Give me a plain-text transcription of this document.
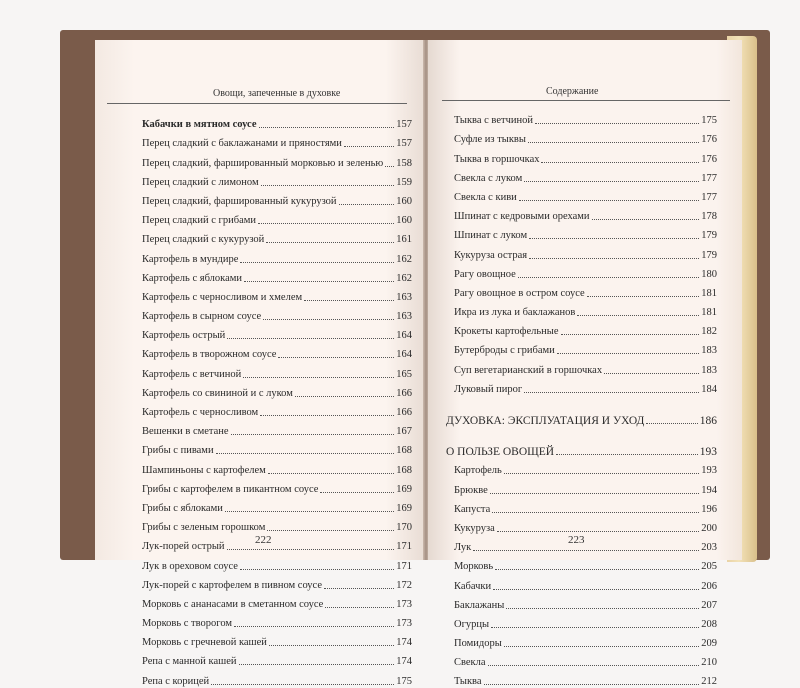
Овощи, запеченные в духовке
Кабачки в мятном соусе	157
Перец сладкий с баклажанами и пряностями	157
Перец сладкий, фаршированный морковью и зеленью 158
Перец сладкий с лимоном	159
Перец сладкий, фаршированный кукурузой	160
Перец сладкий с грибами	160
Перец сладкий с кукурузой	161
Картофель в мундире	162
Картофель с яблоками	162
Картофель с черносливом и хмелем	163
Картофель в сырном соусе	163
Картофель острый	164
Картофель в творожном соусе	164
Картофель с ветчиной	165
Картофель со свининой и с луком	166
Картофель с черносливом	166
Вешенки в сметане	167
Грибы с пивами	168
Шампиньоны с картофелем	168
Грибы с картофелем в пикантном соусе	169
Грибы с яблоками	169
Грибы с зеленым горошком	170
Лук-порей острый	171
Лук в ореховом соусе	171
Лук-порей с картофелем в пивном соусе	172
Морковь с ананасами в сметанном соусе	173
Морковь с творогом	173
Морковь с гречневой кашей	174
Репа с манной кашей	174
Репа с корицей	175
222
Содержание
Тыква с ветчиной	175
Суфле из тыквы	176
Тыква в горшочках	176
Свекла с луком	177
Свекла с киви	177
Шпинат с кедровыми орехами	178
Шпинат с луком	179
Кукуруза острая	179
Рагу овощное	180
Рагу овощное в остром соусе	181
Икра из лука и баклажанов	181
Крокеты картофельные	182
Бутерброды с грибами	183
Суп вегетарианский в горшочках	183
Луковый пирог	184
ДУХОВКА: ЭКСПЛУАТАЦИЯ И УХОД	186
О ПОЛЬЗЕ ОВОЩЕЙ	193
Картофель	193
Брюкве	194
Капуста	196
Кукуруза	200
Лук	203
Морковь	205
Кабачки	206
Баклажаны	207
Огурцы	208
Помидоры	209
Свекла	210
Тыква	212
223
